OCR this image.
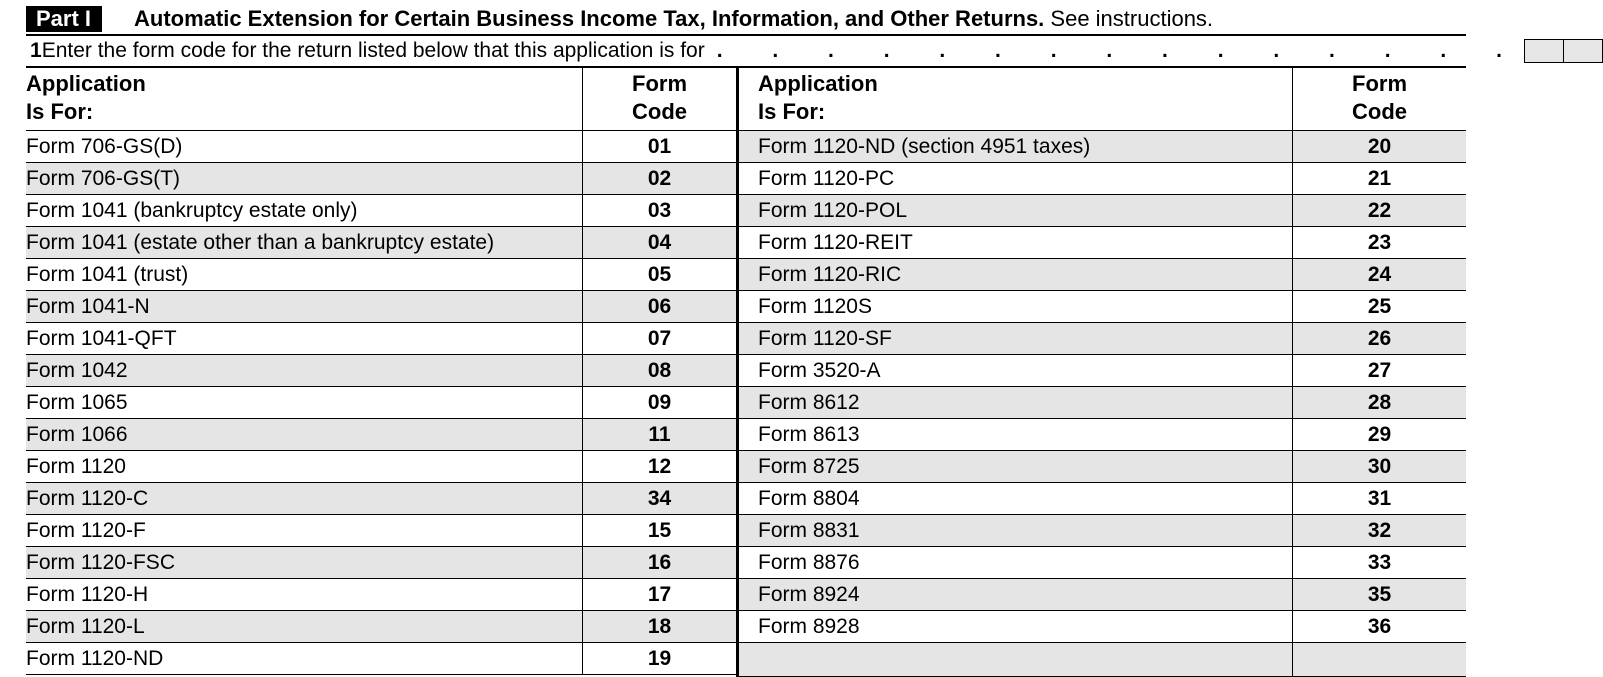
Part I	Automatic Extension for Certain Business Income Tax, Information, and Other Returns. See instructions.
1 Enter the form code for the return listed below that this application is for . . . . . . . . . . . . . . .
Application
Is For:
Form
Code
Form 706-GS(D)	01
Form 706-GS(T)	02
Form 1041 (bankruptcy estate only)	03
Form 1041 (estate other than a bankruptcy estate)	04
Form 1041 (trust)	05
Form 1041-N	06
Form 1041-QFT	07
Form 1042	08
Form 1065	09
Form 1066	11
Form 1120	12
Form 1120-C	34
Form 1120-F	15
Form 1120-FSC	16
Form 1120-H	17
Form 1120-L	18
Form 1120-ND	19
Application
Is For:
Form
Code
Form 1120-ND (section 4951 taxes)	20
Form 1120-PC	21
Form 1120-POL	22
Form 1120-REIT	23
Form 1120-RIC	24
Form 1120S	25
Form 1120-SF	26
Form 3520-A	27
Form 8612	28
Form 8613	29
Form 8725	30
Form 8804	31
Form 8831	32
Form 8876	33
Form 8924	35
Form 8928	36
